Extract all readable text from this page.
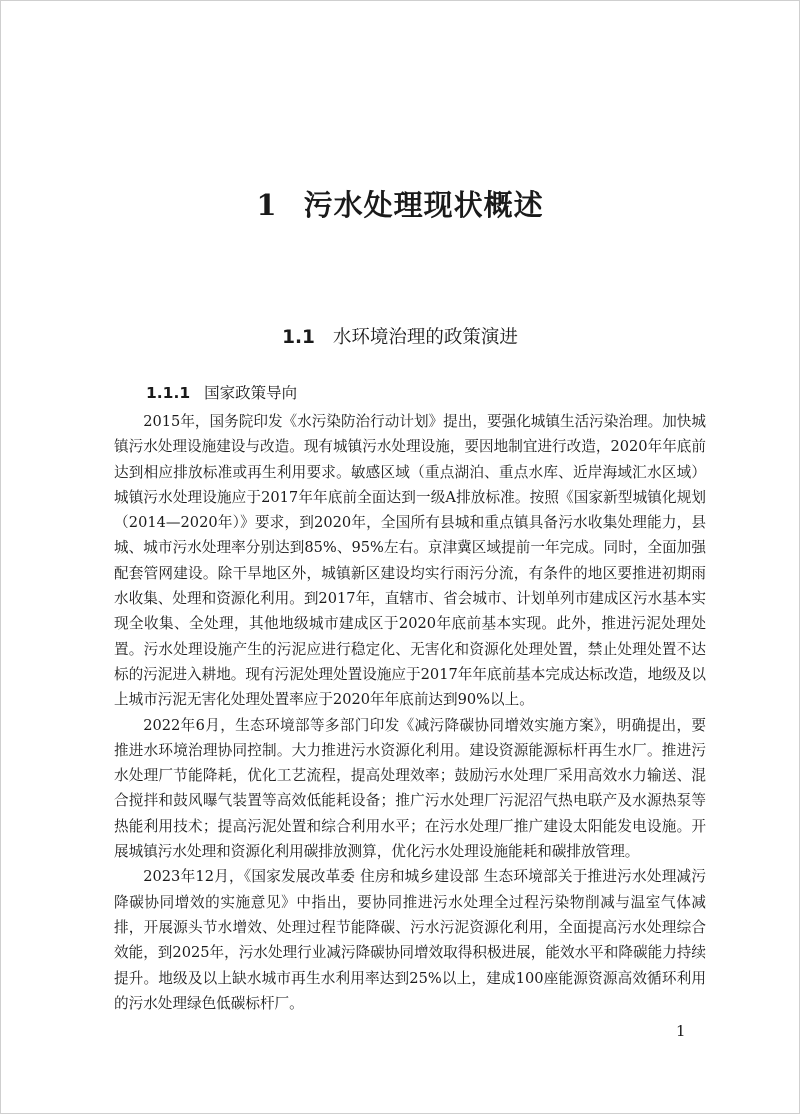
1 污水处理现状概述
1.1 水环境治理的政策演进
1.1.1 国家政策导向

2015年，国务院印发《水污染防治行动计划》提出，要强化城镇生活污染治理。加快城镇污水处理设施建设与改造。现有城镇污水处理设施，要因地制宜进行改造，2020年年底前达到相应排放标准或再生利用要求。敏感区域（重点湖泊、重点水库、近岸海域汇水区域）城镇污水处理设施应于2017年年底前全面达到一级A排放标准。按照《国家新型城镇化规划（2014—2020年）》要求，到2020年，全国所有县城和重点镇具备污水收集处理能力，县城、城市污水处理率分别达到85%、95%左右。京津冀区域提前一年完成。同时，全面加强配套管网建设。除干旱地区外，城镇新区建设均实行雨污分流，有条件的地区要推进初期雨水收集、处理和资源化利用。到2017年，直辖市、省会城市、计划单列市建成区污水基本实现全收集、全处理，其他地级城市建成区于2020年底前基本实现。此外，推进污泥处理处置。污水处理设施产生的污泥应进行稳定化、无害化和资源化处理处置，禁止处理处置不达标的污泥进入耕地。现有污泥处理处置设施应于2017年年底前基本完成达标改造，地级及以上城市污泥无害化处理处置率应于2020年年底前达到90%以上。

2022年6月，生态环境部等多部门印发《减污降碳协同增效实施方案》，明确提出，要推进水环境治理协同控制。大力推进污水资源化利用。建设资源能源标杆再生水厂。推进污水处理厂节能降耗，优化工艺流程，提高处理效率；鼓励污水处理厂采用高效水力输送、混合搅拌和鼓风曝气装置等高效低能耗设备；推广污水处理厂污泥沼气热电联产及水源热泵等热能利用技术；提高污泥处置和综合利用水平；在污水处理厂推广建设太阳能发电设施。开展城镇污水处理和资源化利用碳排放测算，优化污水处理设施能耗和碳排放管理。

2023年12月，《国家发展改革委 住房和城乡建设部 生态环境部关于推进污水处理减污降碳协同增效的实施意见》中指出，要协同推进污水处理全过程污染物削减与温室气体减排，开展源头节水增效、处理过程节能降碳、污水污泥资源化利用，全面提高污水处理综合效能，到2025年，污水处理行业减污降碳协同增效取得积极进展，能效水平和降碳能力持续提升。地级及以上缺水城市再生水利用率达到25%以上，建成100座能源资源高效循环利用的污水处理绿色低碳标杆厂。

1
